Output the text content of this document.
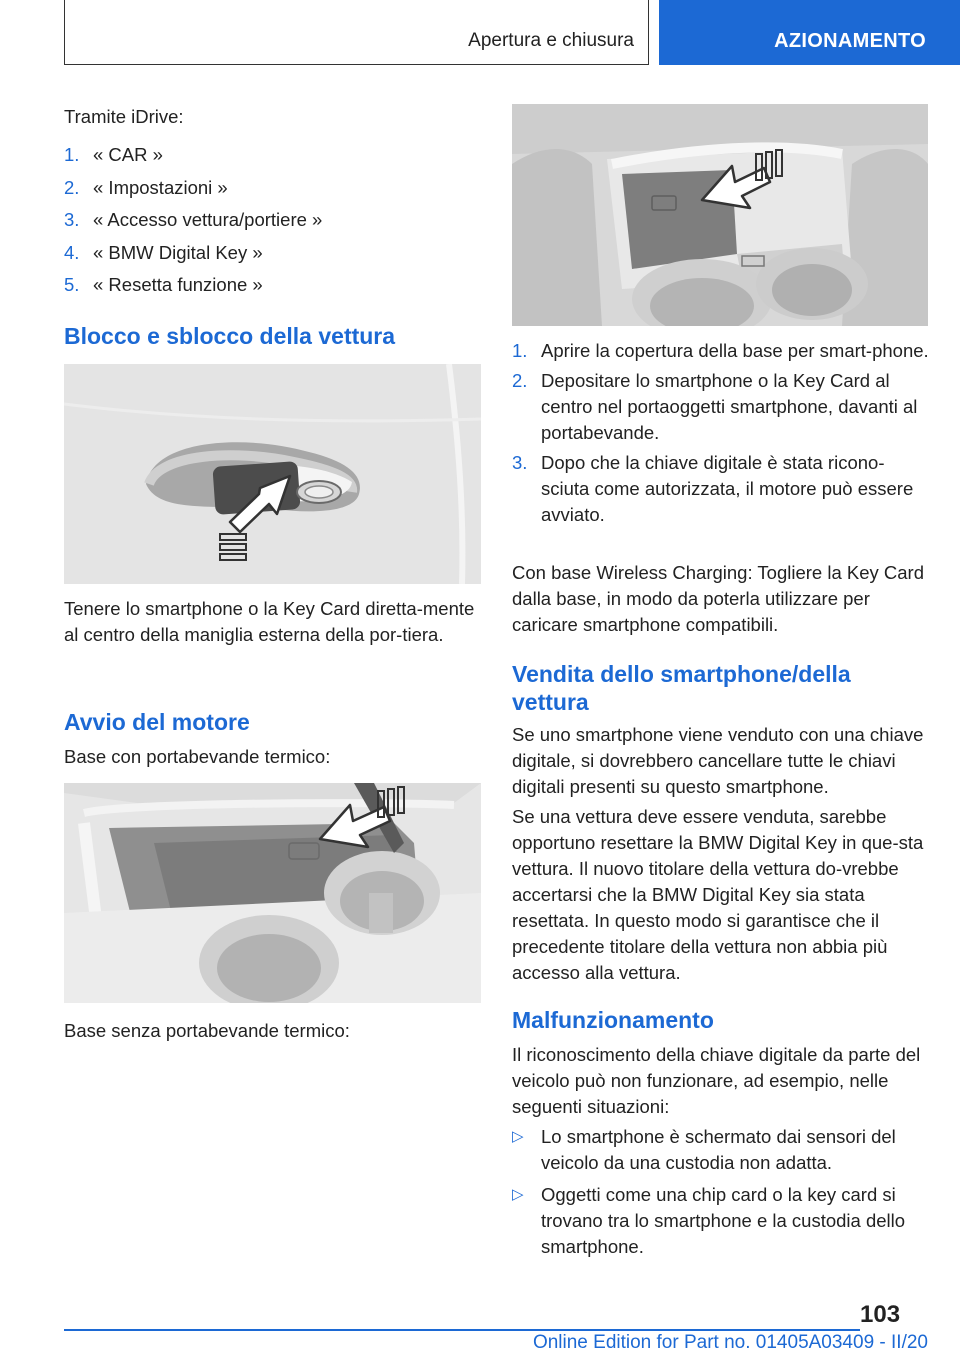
Apertura e chiusura	AZIONAMENTO
Tramite iDrive:
1. « CAR »
2. « Impostazioni »
3. « Accesso vettura/portiere »
4. « BMW Digital Key »
5. « Resetta funzione »
Blocco e sblocco della vettura
Tenere lo smartphone o la Key Card diretta-mente al centro della maniglia esterna della por-tiera.
Avvio del motore
Base con portabevande termico:
Base senza portabevande termico:
1. Aprire la copertura della base per smart-phone.
2. Depositare lo smartphone o la Key Card al centro nel portaoggetti smartphone, davanti al portabevande.
3. Dopo che la chiave digitale è stata ricono-sciuta come autorizzata, il motore può essere avviato.
Con base Wireless Charging: Togliere la Key Card dalla base, in modo da poterla utilizzare per caricare smartphone compatibili.
Vendita dello smartphone/della vettura
Se uno smartphone viene venduto con una chiave digitale, si dovrebbero cancellare tutte le chiavi digitali presenti su questo smartphone.
Se una vettura deve essere venduta, sarebbe opportuno resettare la BMW Digital Key in que-sta vettura. Il nuovo titolare della vettura do-vrebbe accertarsi che la BMW Digital Key sia stata resettata. In questo modo si garantisce che il precedente titolare della vettura non abbia più accesso alla vettura.
Malfunzionamento
Il riconoscimento della chiave digitale da parte del veicolo può non funzionare, ad esempio, nelle seguenti situazioni:
▷ Lo smartphone è schermato dai sensori del veicolo da una custodia non adatta.
▷ Oggetti come una chip card o la key card si trovano tra lo smartphone e la custodia dello smartphone.
103
Online Edition for Part no. 01405A03409 - II/20
